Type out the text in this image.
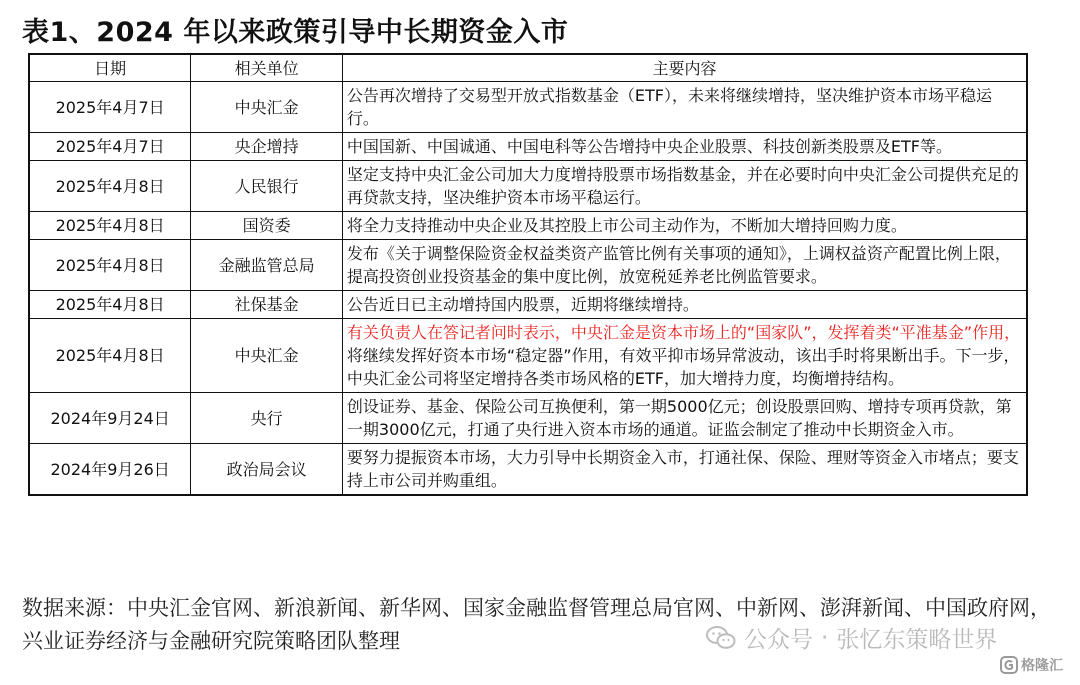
表1、2024 年以来政策引导中长期资金入市
日期	相关单位	主要内容
2025年4月7日	中央汇金	公告再次增持了交易型开放式指数基金（ETF），未来将继续增持，坚决维护资本市场平稳运行。
2025年4月7日	央企增持	中国国新、中国诚通、中国电科等公告增持中央企业股票、科技创新类股票及ETF等。
2025年4月8日	人民银行	坚定支持中央汇金公司加大力度增持股票市场指数基金，并在必要时向中央汇金公司提供充足的再贷款支持，坚决维护资本市场平稳运行。
2025年4月8日	国资委	将全力支持推动中央企业及其控股上市公司主动作为，不断加大增持回购力度。
2025年4月8日	金融监管总局	发布《关于调整保险资金权益类资产监管比例有关事项的通知》，上调权益资产配置比例上限，提高投资创业投资基金的集中度比例，放宽税延养老比例监管要求。
2025年4月8日	社保基金	公告近日已主动增持国内股票，近期将继续增持。
2025年4月8日	中央汇金	有关负责人在答记者问时表示，中央汇金是资本市场上的“国家队”，发挥着类“平准基金”作用，将继续发挥好资本市场“稳定器”作用，有效平抑市场异常波动，该出手时将果断出手。下一步，中央汇金公司将坚定增持各类市场风格的ETF，加大增持力度，均衡增持结构。
2024年9月24日	央行	创设证券、基金、保险公司互换便利，第一期5000亿元；创设股票回购、增持专项再贷款，第一期3000亿元，打通了央行进入资本市场的通道。证监会制定了推动中长期资金入市。
2024年9月26日	政治局会议	要努力提振资本市场，大力引导中长期资金入市，打通社保、保险、理财等资金入市堵点；要支持上市公司并购重组。
数据来源：中央汇金官网、新浪新闻、新华网、国家金融监督管理总局官网、中新网、澎湃新闻、中国政府网，兴业证券经济与金融研究院策略团队整理	公众号 · 张忆东策略世界
格隆汇
